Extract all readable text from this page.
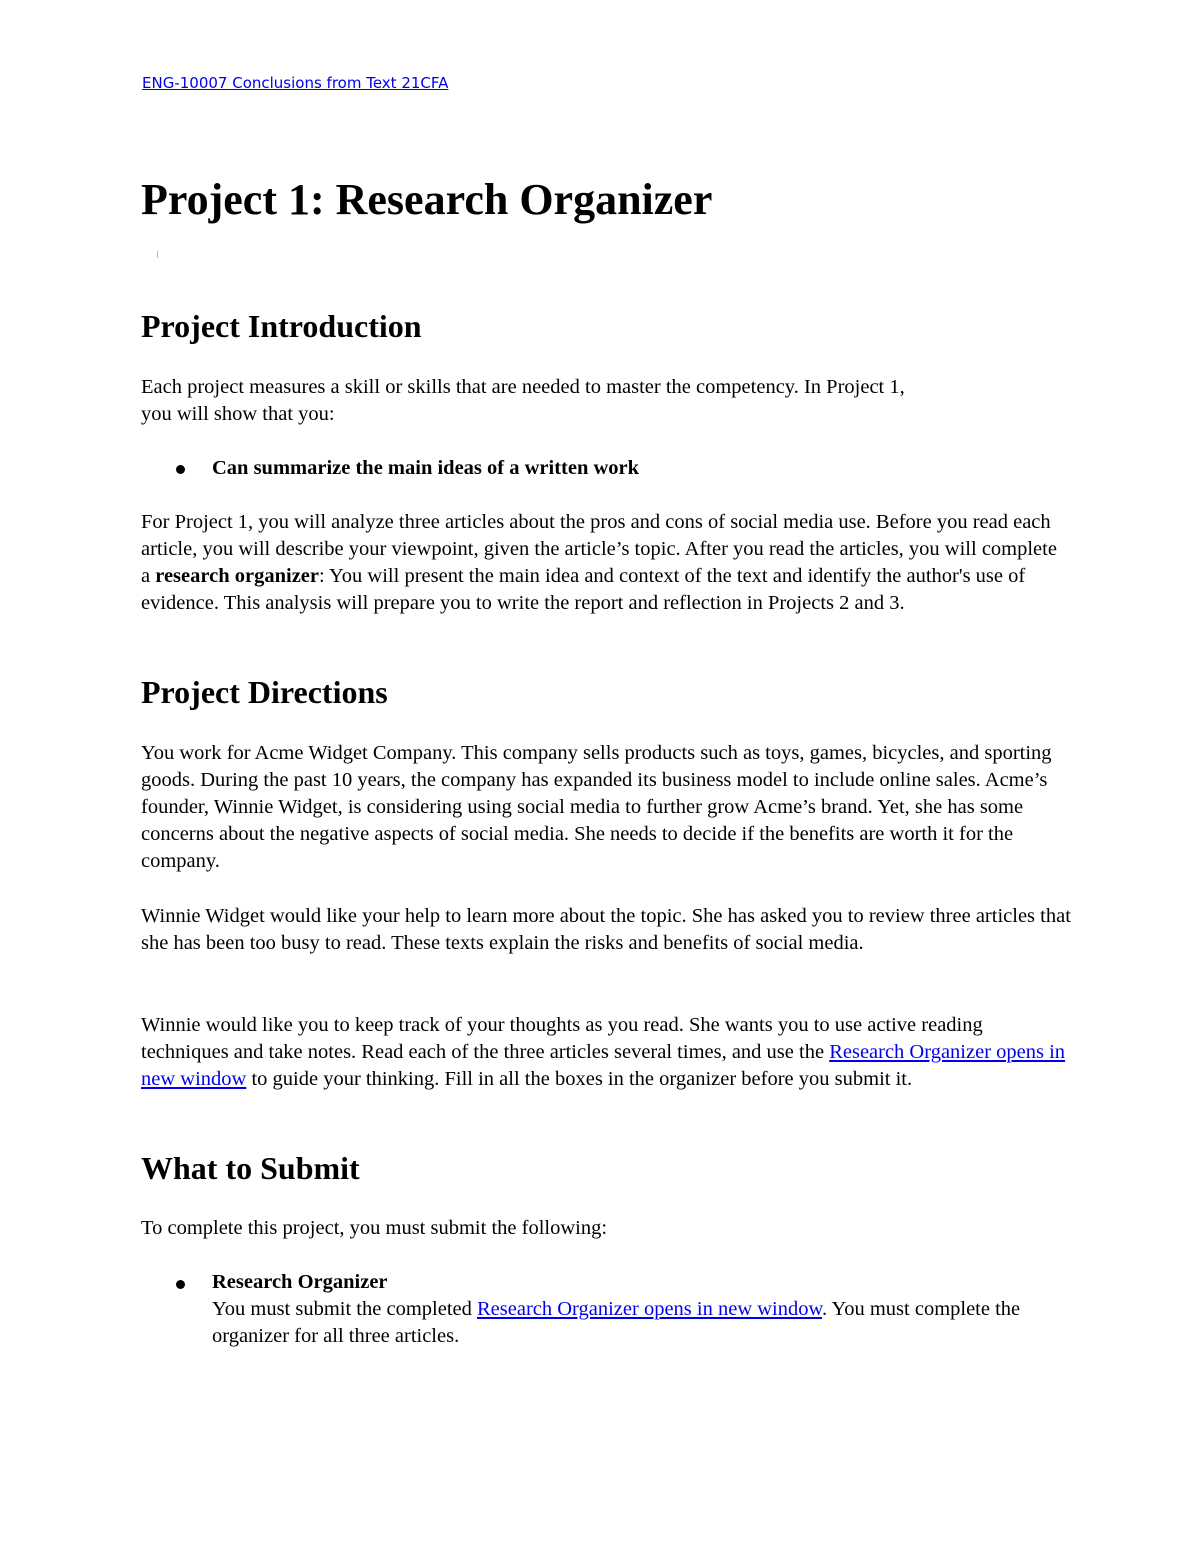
ENG-10007 Conclusions from Text 21CFA
Project 1: Research Organizer
Project Introduction

Each project measures a skill or skills that are needed to master the competency. In Project 1,
you will show that you:

Can summarize the main ideas of a written work

For Project 1, you will analyze three articles about the pros and cons of social media use. Before you read each article, you will describe your viewpoint, given the article’s topic. After you read the articles, you will complete a research organizer: You will present the main idea and context of the text and identify the author's use of evidence. This analysis will prepare you to write the report and reflection in Projects 2 and 3.

Project Directions

You work for Acme Widget Company. This company sells products such as toys, games, bicycles, and sporting goods. During the past 10 years, the company has expanded its business model to include online sales. Acme’s founder, Winnie Widget, is considering using social media to further grow Acme’s brand. Yet, she has some concerns about the negative aspects of social media. She needs to decide if the benefits are worth it for the company.

Winnie Widget would like your help to learn more about the topic. She has asked you to review three articles that she has been too busy to read. These texts explain the risks and benefits of social media.

Winnie would like you to keep track of your thoughts as you read. She wants you to use active reading techniques and take notes. Read each of the three articles several times, and use the Research Organizer opens in new window to guide your thinking. Fill in all the boxes in the organizer before you submit it.

What to Submit

To complete this project, you must submit the following:

Research Organizer
You must submit the completed Research Organizer opens in new window. You must complete the organizer for all three articles.
